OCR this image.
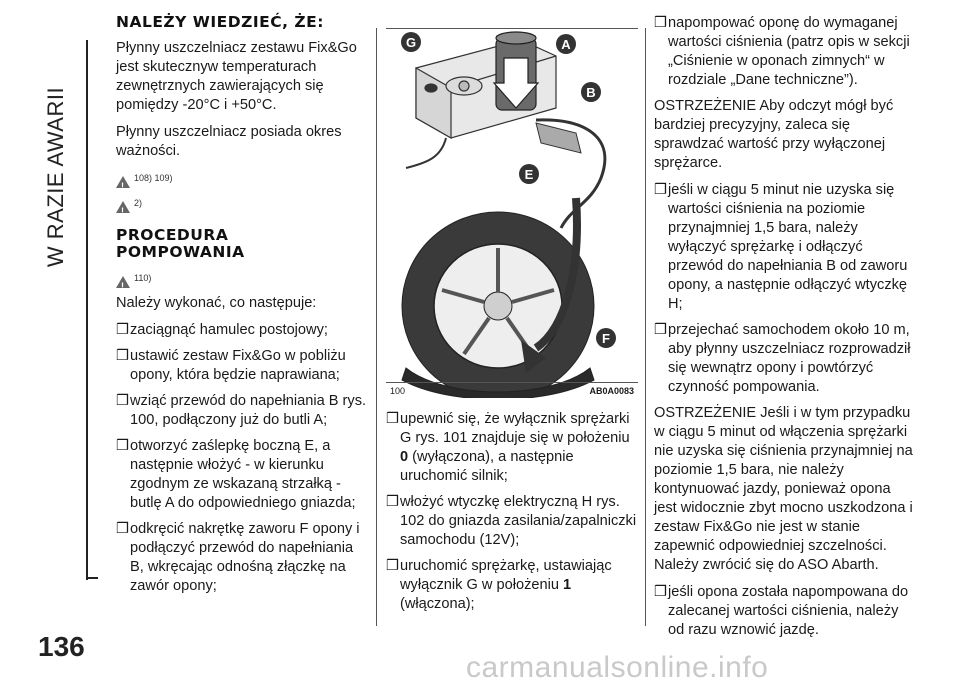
W RAZIE AWARII
136
NALEŻY WIEDZIEĆ, ŻE:

Płynny uszczelniacz zestawu Fix&Go jest skutecznyw temperaturach zewnętrznych zawierających się pomiędzy -20°C i +50°C.

Płynny uszczelniacz posiada okres ważności.

!
108) 109)
!
2)
PROCEDURA POMPOWANIA
!
110)

Należy wykonać, co następuje:

❒ zaciągnąć hamulec postojowy;
❒ ustawić zestaw Fix&Go w pobliżu opony, która będzie naprawiana;
❒ wziąć przewód do napełniania B rys. 100, podłączony już do butli A;
❒ otworzyć zaślepkę boczną E, a następnie włożyć - w kierunku zgodnym ze wskazaną strzałką - butlę A do odpowiedniego gniazda;
❒ odkręcić nakrętkę zaworu F opony i podłączyć przewód do napełniania B, wkręcając odnośną złączkę na zawór opony;
G	A
B
E
F
100	AB0A0083
❒ upewnić się, że wyłącznik sprężarki G rys. 101 znajduje się w położeniu 0 (wyłączona), a następnie uruchomić silnik;
❒ włożyć wtyczkę elektryczną H rys. 102 do gniazda zasilania/zapalniczki samochodu (12V);
❒ uruchomić sprężarkę, ustawiając wyłącznik G w położeniu 1 (włączona);
❒ napompować oponę do wymaganej wartości ciśnienia (patrz opis w sekcji „Ciśnienie w oponach zimnych“ w rozdziale „Dane techniczne”).

OSTRZEŻENIE Aby odczyt mógł być bardziej precyzyjny, zaleca się sprawdzać wartość przy wyłączonej sprężarce.

❒ jeśli w ciągu 5 minut nie uzyska się wartości ciśnienia na poziomie przynajmniej 1,5 bara, należy wyłączyć sprężarkę i odłączyć przewód do napełniania B od zaworu opony, a następnie odłączyć wtyczkę H;
❒ przejechać samochodem około 10 m, aby płynny uszczelniacz rozprowadził się wewnątrz opony i powtórzyć czynność pompowania.

OSTRZEŻENIE Jeśli i w tym przypadku w ciągu 5 minut od włączenia sprężarki nie uzyska się ciśnienia przynajmniej na poziomie 1,5 bara, nie należy kontynuować jazdy, ponieważ opona jest widocznie zbyt mocno uszkodzona i zestaw Fix&Go nie jest w stanie zapewnić odpowiedniej szczelności. Należy zwrócić się do ASO Abarth.

❒ jeśli opona została napompowana do zalecanej wartości ciśnienia, należy od razu wznowić jazdę.
carmanualsonline.info
